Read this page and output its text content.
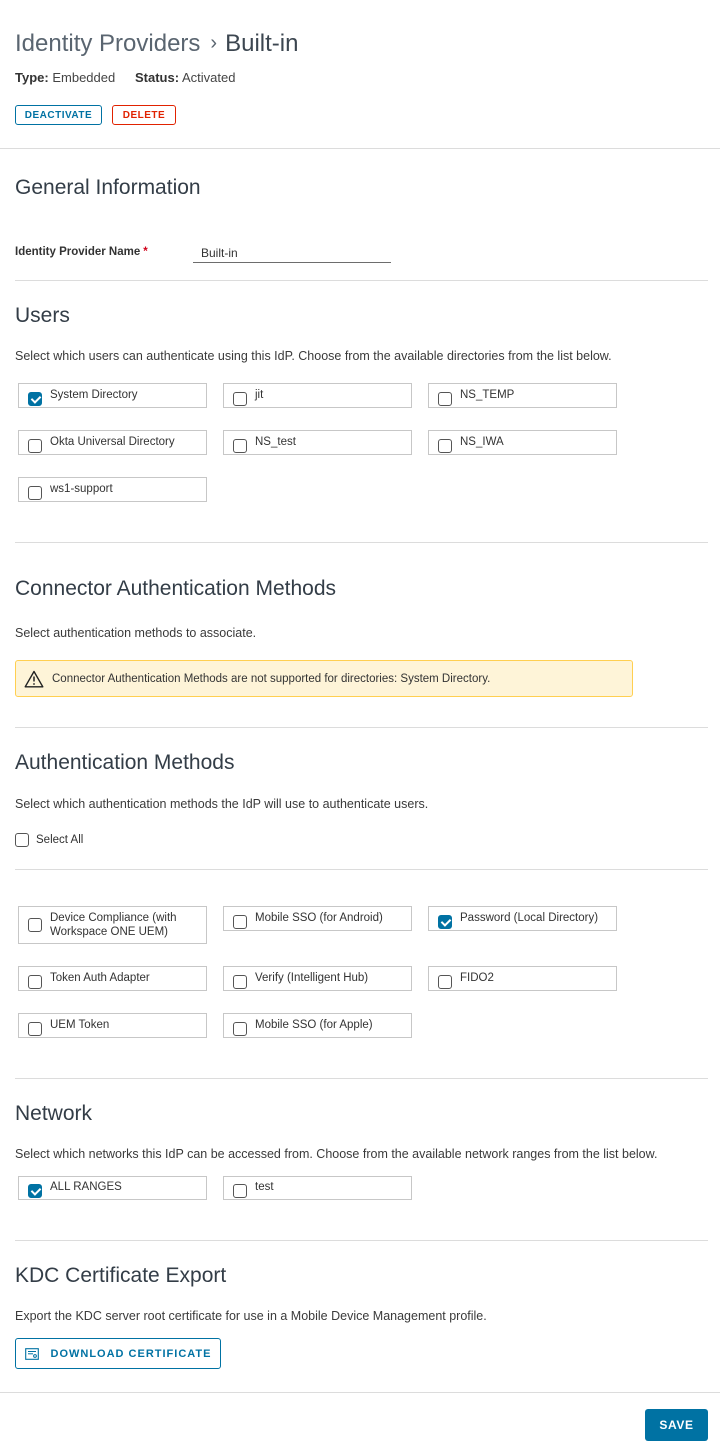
Identity Providers › Built-in
Type: Embedded Status: Activated
DEACTIVATE	DELETE
General Information
Identity Provider Name *
Built-in
Users
Select which users can authenticate using this IdP. Choose from the available directories from the list below.
System Directory	jit	NS_TEMP
Okta Universal Directory	NS_test	NS_IWA
ws1-support
Connector Authentication Methods
Select authentication methods to associate.
Connector Authentication Methods are not supported for directories: System Directory.
Authentication Methods
Select which authentication methods the IdP will use to authenticate users.
Select All
Device Compliance (with Workspace ONE UEM)
Mobile SSO (for Android)	Password (Local Directory)
Token Auth Adapter	Verify (Intelligent Hub)	FIDO2
UEM Token	Mobile SSO (for Apple)
Network
Select which networks this IdP can be accessed from. Choose from the available network ranges from the list below.
ALL RANGES	test
KDC Certificate Export
Export the KDC server root certificate for use in a Mobile Device Management profile.
DOWNLOAD CERTIFICATE
SAVE
